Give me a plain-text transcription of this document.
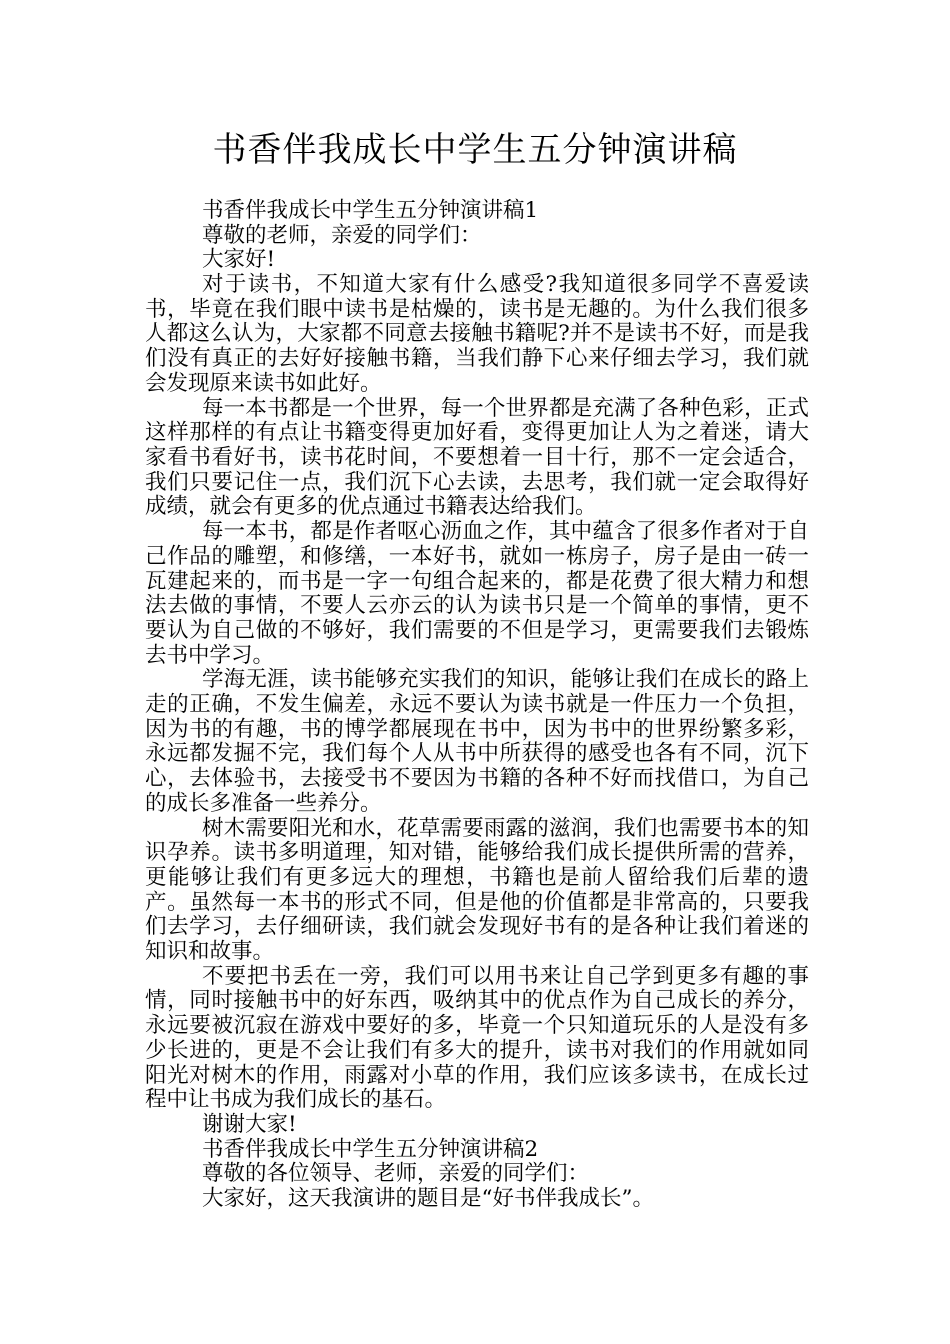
书香伴我成长中学生五分钟演讲稿

书香伴我成长中学生五分钟演讲稿1

尊敬的老师，亲爱的同学们：

大家好!

对于读书，不知道大家有什么感受?我知道很多同学不喜爱读书，毕竟在我们眼中读书是枯燥的，读书是无趣的。为什么我们很多人都这么认为，大家都不同意去接触书籍呢?并不是读书不好，而是我们没有真正的去好好接触书籍，当我们静下心来仔细去学习，我们就会发现原来读书如此好。

每一本书都是一个世界，每一个世界都是充满了各种色彩，正式这样那样的有点让书籍变得更加好看，变得更加让人为之着迷，请大家看书看好书，读书花时间，不要想着一目十行，那不一定会适合，我们只要记住一点，我们沉下心去读，去思考，我们就一定会取得好成绩，就会有更多的优点通过书籍表达给我们。

每一本书，都是作者呕心沥血之作，其中蕴含了很多作者对于自己作品的雕塑，和修缮，一本好书，就如一栋房子，房子是由一砖一瓦建起来的，而书是一字一句组合起来的，都是花费了很大精力和想法去做的事情，不要人云亦云的认为读书只是一个简单的事情，更不要认为自己做的不够好，我们需要的不但是学习，更需要我们去锻炼去书中学习。

学海无涯，读书能够充实我们的知识，能够让我们在成长的路上走的正确，不发生偏差，永远不要认为读书就是一件压力一个负担，因为书的有趣，书的博学都展现在书中，因为书中的世界纷繁多彩，永远都发掘不完，我们每个人从书中所获得的感受也各有不同，沉下心，去体验书，去接受书不要因为书籍的各种不好而找借口，为自己的成长多准备一些养分。

树木需要阳光和水，花草需要雨露的滋润，我们也需要书本的知识孕养。读书多明道理，知对错，能够给我们成长提供所需的营养，更能够让我们有更多远大的理想，书籍也是前人留给我们后辈的遗产。虽然每一本书的形式不同，但是他的价值都是非常高的，只要我们去学习，去仔细研读，我们就会发现好书有的是各种让我们着迷的知识和故事。

不要把书丢在一旁，我们可以用书来让自己学到更多有趣的事情，同时接触书中的好东西，吸纳其中的优点作为自己成长的养分，永远要被沉寂在游戏中要好的多，毕竟一个只知道玩乐的人是没有多少长进的，更是不会让我们有多大的提升，读书对我们的作用就如同阳光对树木的作用，雨露对小草的作用，我们应该多读书，在成长过程中让书成为我们成长的基石。

谢谢大家!

书香伴我成长中学生五分钟演讲稿2

尊敬的各位领导、老师，亲爱的同学们：

大家好，这天我演讲的题目是“好书伴我成长”。
